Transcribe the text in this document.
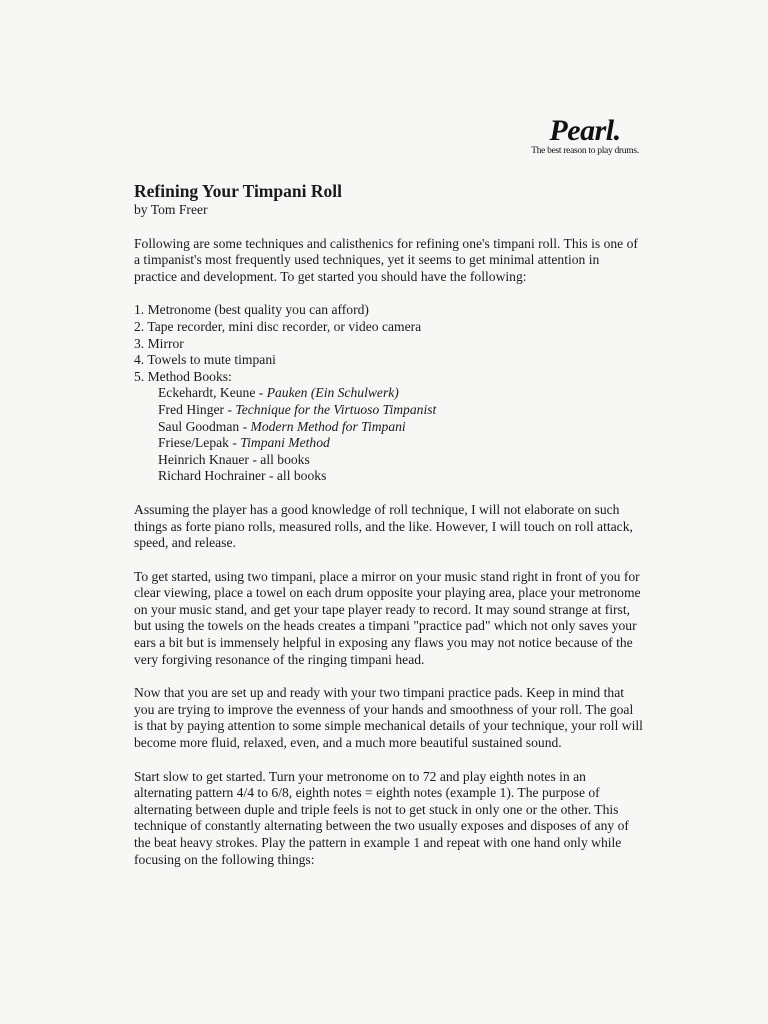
Pearl.
The best reason to play drums.
Refining Your Timpani Roll

by Tom Freer

Following are some techniques and calisthenics for refining one's timpani roll. This is one of a timpanist's most frequently used techniques, yet it seems to get minimal attention in practice and development. To get started you should have the following:

1. Metronome (best quality you can afford)
2. Tape recorder, mini disc recorder, or video camera
3. Mirror
4. Towels to mute timpani
5. Method Books:
Eckehardt, Keune - Pauken (Ein Schulwerk)
Fred Hinger - Technique for the Virtuoso Timpanist
Saul Goodman - Modern Method for Timpani
Friese/Lepak - Timpani Method
Heinrich Knauer - all books
Richard Hochrainer - all books

Assuming the player has a good knowledge of roll technique, I will not elaborate on such things as forte piano rolls, measured rolls, and the like. However, I will touch on roll attack, speed, and release.

To get started, using two timpani, place a mirror on your music stand right in front of you for clear viewing, place a towel on each drum opposite your playing area, place your metronome on your music stand, and get your tape player ready to record. It may sound strange at first, but using the towels on the heads creates a timpani "practice pad" which not only saves your ears a bit but is immensely helpful in exposing any flaws you may not notice because of the very forgiving resonance of the ringing timpani head.

Now that you are set up and ready with your two timpani practice pads. Keep in mind that you are trying to improve the evenness of your hands and smoothness of your roll. The goal is that by paying attention to some simple mechanical details of your technique, your roll will become more fluid, relaxed, even, and a much more beautiful sustained sound.

Start slow to get started. Turn your metronome on to 72 and play eighth notes in an alternating pattern 4/4 to 6/8, eighth notes = eighth notes (example 1). The purpose of alternating between duple and triple feels is not to get stuck in only one or the other. This technique of constantly alternating between the two usually exposes and disposes of any of the beat heavy strokes. Play the pattern in example 1 and repeat with one hand only while focusing on the following things:
